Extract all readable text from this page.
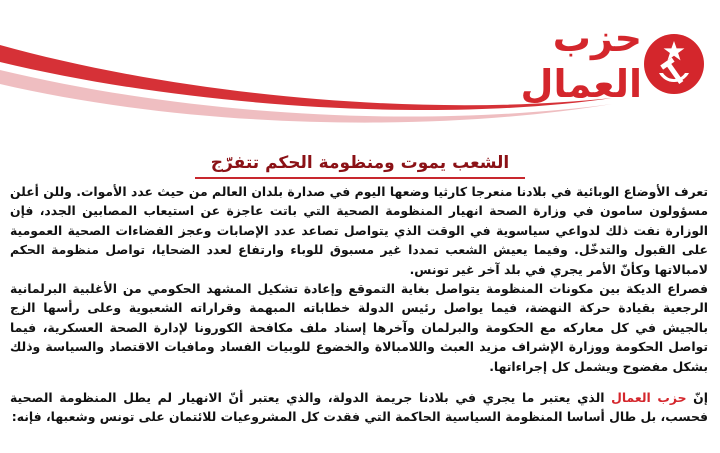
حزب
العمال
الشعب يموت ومنظومة الحكم تتفرّج

تعرف الأوضاع الوبائية في بلادنا منعرجا كارثيا وضعها اليوم في صدارة بلدان العالم من حيث عدد الأموات. وللن أعلن مسؤولون سامون في وزارة الصحة انهيار المنظومة الصحية التي باتت عاجزة عن استيعاب المصابين الجدد، فإن الوزارة نفت ذلك لدواعي سياسوية في الوقت الذي يتواصل تصاعد عدد الإصابات وعجز الفضاءات الصحية العمومية على القبول والتدخّل. وفيما يعيش الشعب تمددا غير مسبوق للوباء وارتفاع لعدد الضحايا، تواصل منظومة الحكم لامبالاتها وكأنّ الأمر يجري في بلد آخر غير تونس.

فصراع الديكة بين مكونات المنظومة يتواصل بغاية التموقع وإعادة تشكيل المشهد الحكومي من الأغلبية البرلمانية الرجعية بقيادة حركة النهضة، فيما يواصل رئيس الدولة خطاباته المبهمة وقراراته الشعبوية وعلى رأسها الزج بالجيش في كل معاركه مع الحكومة والبرلمان وآخرها إسناد ملف مكافحة الكورونا لإدارة الصحة العسكرية، فيما تواصل الحكومة ووزارة الإشراف مزيد العبث واللامبالاة والخضوع للوبيات الفساد ومافيات الاقتصاد والسياسة وذلك بشكل مفضوح ويشمل كل إجراءاتها.

إنّ حزب العمال الذي يعتبر ما يجري في بلادنا جريمة الدولة، والذي يعتبر أنّ الانهيار لم يطل المنظومة الصحية فحسب، بل طال أساسا المنظومة السياسية الحاكمة التي فقدت كل المشروعيات للائتمان على تونس وشعبها، فإنه:
